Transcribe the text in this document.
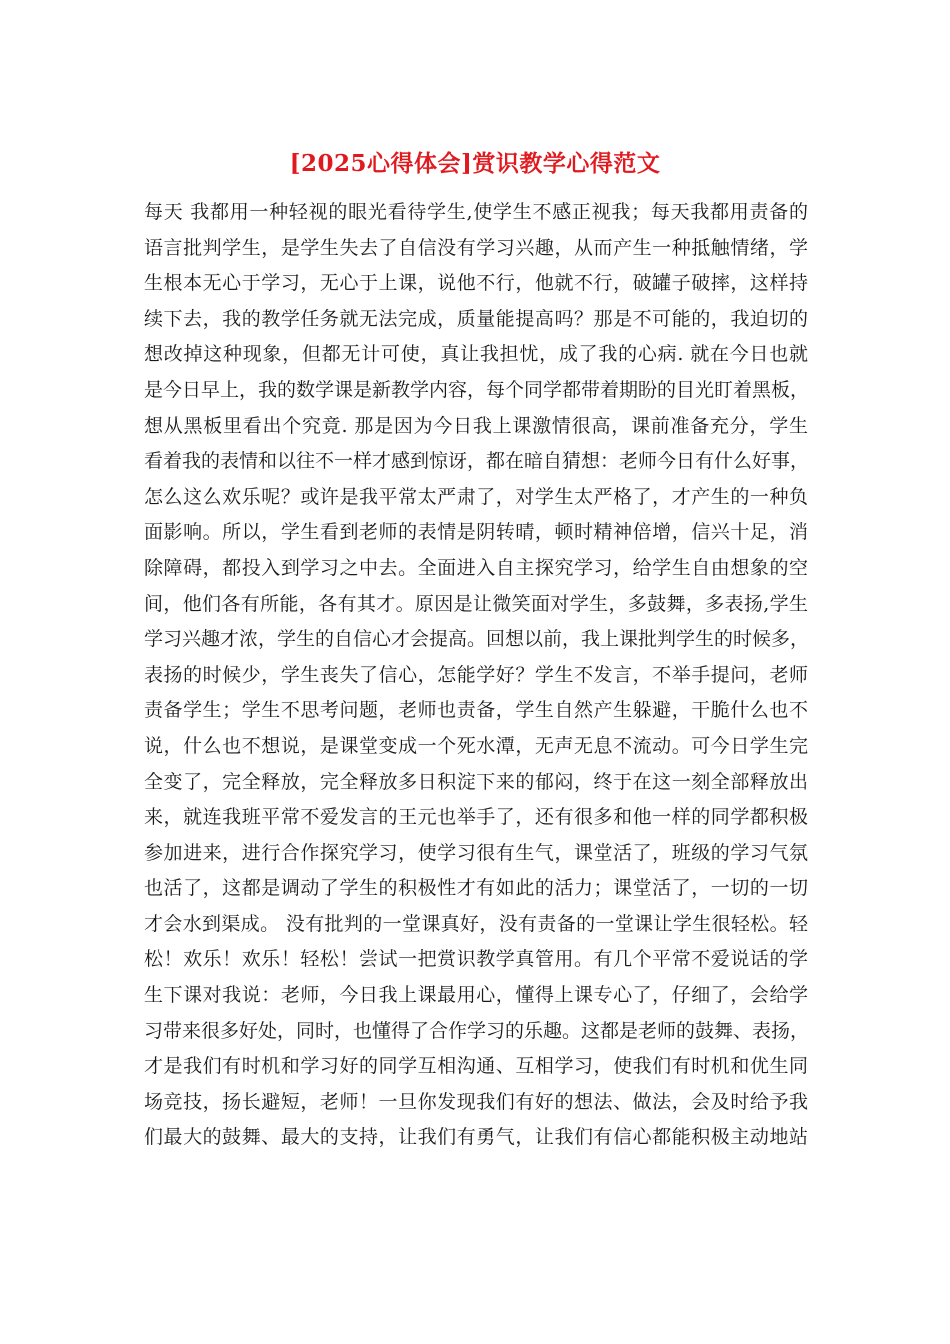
[2025心得体会]赏识教学心得范文
每天 我都用一种轻视的眼光看待学生,使学生不感正视我；每天我都用责备的
语言批判学生，是学生失去了自信没有学习兴趣，从而产生一种抵触情绪，学
生根本无心于学习，无心于上课，说他不行，他就不行，破罐子破摔，这样持
续下去，我的教学任务就无法完成，质量能提高吗？那是不可能的，我迫切的
想改掉这种现象，但都无计可使，真让我担忧，成了我的心病. 就在今日也就
是今日早上，我的数学课是新教学内容，每个同学都带着期盼的目光盯着黑板，
想从黑板里看出个究竟. 那是因为今日我上课激情很高，课前准备充分，学生
看着我的表情和以往不一样才感到惊讶，都在暗自猜想：老师今日有什么好事，
怎么这么欢乐呢？或许是我平常太严肃了，对学生太严格了，才产生的一种负
面影响。所以，学生看到老师的表情是阴转晴，顿时精神倍增，信兴十足，消
除障碍，都投入到学习之中去。全面进入自主探究学习，给学生自由想象的空
间，他们各有所能，各有其才。原因是让微笑面对学生，多鼓舞，多表扬,学生
学习兴趣才浓，学生的自信心才会提高。回想以前，我上课批判学生的时候多，
表扬的时候少，学生丧失了信心，怎能学好？学生不发言，不举手提问，老师
责备学生；学生不思考问题，老师也责备，学生自然产生躲避，干脆什么也不
说，什么也不想说，是课堂变成一个死水潭，无声无息不流动。可今日学生完
全变了，完全释放，完全释放多日积淀下来的郁闷，终于在这一刻全部释放出
来，就连我班平常不爱发言的王元也举手了，还有很多和他一样的同学都积极
参加进来，进行合作探究学习，使学习很有生气，课堂活了，班级的学习气氛
也活了，这都是调动了学生的积极性才有如此的活力；课堂活了，一切的一切
才会水到渠成。 没有批判的一堂课真好，没有责备的一堂课让学生很轻松。轻
松！欢乐！欢乐！轻松！尝试一把赏识教学真管用。有几个平常不爱说话的学
生下课对我说：老师，今日我上课最用心，懂得上课专心了，仔细了，会给学
习带来很多好处，同时，也懂得了合作学习的乐趣。这都是老师的鼓舞、表扬，
才是我们有时机和学习好的同学互相沟通、互相学习，使我们有时机和优生同
场竞技，扬长避短，老师！一旦你发现我们有好的想法、做法，会及时给予我
们最大的鼓舞、最大的支持，让我们有勇气，让我们有信心都能积极主动地站
